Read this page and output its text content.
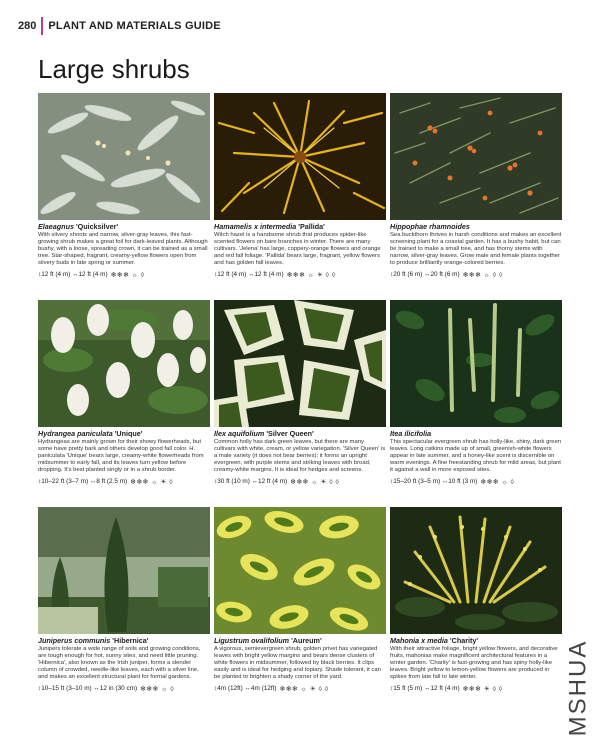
280	PLANT AND MATERIALS GUIDE
Large shrubs

Elaeagnus 'Quicksilver'

With silvery shoots and narrow, silver-gray leaves, this fast-growing shrub makes a great foil for dark-leaved plants. Although bushy, with a loose, spreading crown, it can be trained as a small tree. Star-shaped, fragrant, creamy-yellow flowers open from silvery buds in late spring or summer.

↕12 ft (4 m) ↔12 ft (4 m) ❄❄❄ ☼ ◊

Hamamelis x intermedia 'Pallida'

Witch hazel is a handsome shrub that produces spider-like scented flowers on bare branches in winter. There are many cultivars. 'Jelena' has large, coppery-orange flowers and orange and red fall foliage. 'Pallida' bears large, fragrant, yellow flowers and has golden fall leaves.

↕12 ft (4 m) ↔12 ft (4 m) ❄❄❄ ☼ ☀ ◊ ◊

Hippophae rhamnoides

Sea buckthorn thrives in harsh conditions and makes an excellent screening plant for a coastal garden. It has a bushy habit, but can be trained to make a small tree, and has thorny stems with narrow, silver-gray leaves. Grow male and female plants together to produce brilliantly orange-colored berries.

↕20 ft (6 m) ↔20 ft (6 m) ❄❄❄ ☼ ◊ ◊

Hydrangea paniculata 'Unique'

Hydrangeas are mainly grown for their showy flowerheads, but some have pretty bark and others develop good fall color. H. paniculata 'Unique' bears large, creamy-white flowerheads from midsummer to early fall, and its leaves turn yellow before dropping. It's best planted singly or in a shrub border.

↕10–22 ft (3–7 m) ↔8 ft (2.5 m) ❄❄❄ ☼ ☀ ◊

Ilex aquifolium 'Silver Queen'

Common holly has dark green leaves, but there are many cultivars with white, cream, or yellow variegation. 'Silver Queen' is a male variety (it does not bear berries); it forms an upright evergreen, with purple stems and striking leaves with broad, creamy-white margins. It is ideal for hedges and screens.

↕30 ft (10 m) ↔12 ft (4 m) ❄❄❄ ☼ ☀ ◊ ◊

Itea ilicifolia

This spectacular evergreen shrub has holly-like, shiny, dark green leaves. Long catkins made up of small, greenish-white flowers appear in late summer, and a honey-like scent is discernible on warm evenings. A fine freestanding shrub for mild areas, but plant it against a wall in more exposed sites.

↕15–20 ft (3–5 m) ↔10 ft (3 m) ❄❄❄ ☼ ◊

Juniperus communis 'Hibernica'

Junipers tolerate a wide range of soils and growing conditions, are tough enough for hot, sunny sites, and need little pruning. 'Hibernica', also known as the Irish juniper, forms a slender column of crowded, needle-like leaves, each with a silver line, and makes an excellent structural plant for formal gardens.

↕10–15 ft (3–10 m) ↔12 in (30 cm) ❄❄❄ ☼ ◊

Ligustrum ovalifolium 'Aureum'

A vigorous, semievergreen shrub, golden privet has variegated leaves with bright yellow margins and bears dense clusters of white flowers in midsummer, followed by black berries. It clips easily and is ideal for hedging and topiary. Shade tolerant, it can be planted to brighten a shady corner of the yard.

↕4m (12ft) ↔4m (12ft) ❄❄❄ ☼ ☀ ◊ ◊

Mahonia x media 'Charity'

With their attractive foliage, bright yellow flowers, and decorative fruits, mahonias make magnificent architectural features in a winter garden. 'Charity' is fast-growing and has spiny holly-like leaves. Bright yellow to lemon-yellow flowers are produced in spikes from late fall to late winter.

↕15 ft (5 m) ↔12 ft (4 m) ❄❄❄ ☀ ◊ ◊	MSHUA
